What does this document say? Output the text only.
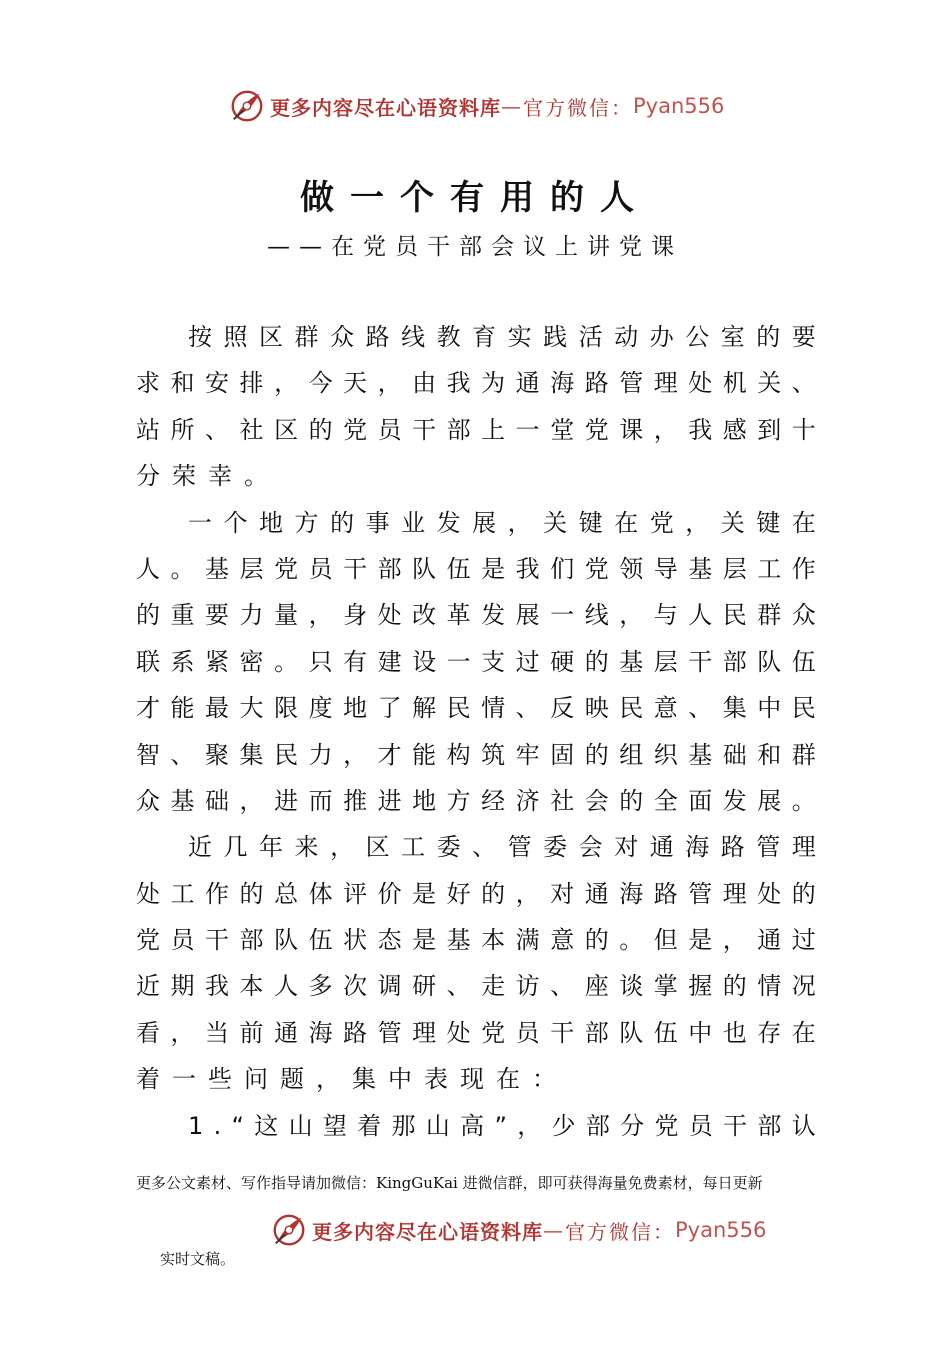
更多内容尽在心语资料库 — 官方微信： Pyan556
做一个有用的人
——在党员干部会议上讲党课
按 照 区 群 众 路 线 教 育 实 践 活 动 办 公 室 的 要
求 和 安 排 ， 今 天 ， 由 我 为 通 海 路 管 理 处 机 关 、
站 所 、 社 区 的 党 员 干 部 上 一 堂 党 课 ， 我 感 到 十
分荣幸。
一 个 地 方 的 事 业 发 展 ， 关 键 在 党 ， 关 键 在
人 。 基 层 党 员 干 部 队 伍 是 我 们 党 领 导 基 层 工 作
的 重 要 力 量 ， 身 处 改 革 发 展 一 线 ， 与 人 民 群 众
联 系 紧 密 。 只 有 建 设 一 支 过 硬 的 基 层 干 部 队 伍
才 能 最 大 限 度 地 了 解 民 情 、 反 映 民 意 、 集 中 民
智 、 聚 集 民 力 ， 才 能 构 筑 牢 固 的 组 织 基 础 和 群
众 基 础 ， 进 而 推 进 地 方 经 济 社 会 的 全 面 发 展 。
近 几 年 来 ， 区 工 委 、 管 委 会 对 通 海 路 管 理
处 工 作 的 总 体 评 价 是 好 的 ， 对 通 海 路 管 理 处 的
党 员 干 部 队 伍 状 态 是 基 本 满 意 的 。 但 是 ， 通 过
近 期 我 本 人 多 次 调 研 、 走 访 、 座 谈 掌 握 的 情 况
看 ， 当 前 通 海 路 管 理 处 党 员 干 部 队 伍 中 也 存 在
着一些问题，集中表现在：
1 . “ 这 山 望 着 那 山 高 ” ， 少 部 分 党 员 干 部 认
更多公文素材、写作指导请加微信：KingGuKai 进微信群，即可获得海量免费素材，每日更新
更多内容尽在心语资料库 — 官方微信： Pyan556
实时文稿。
